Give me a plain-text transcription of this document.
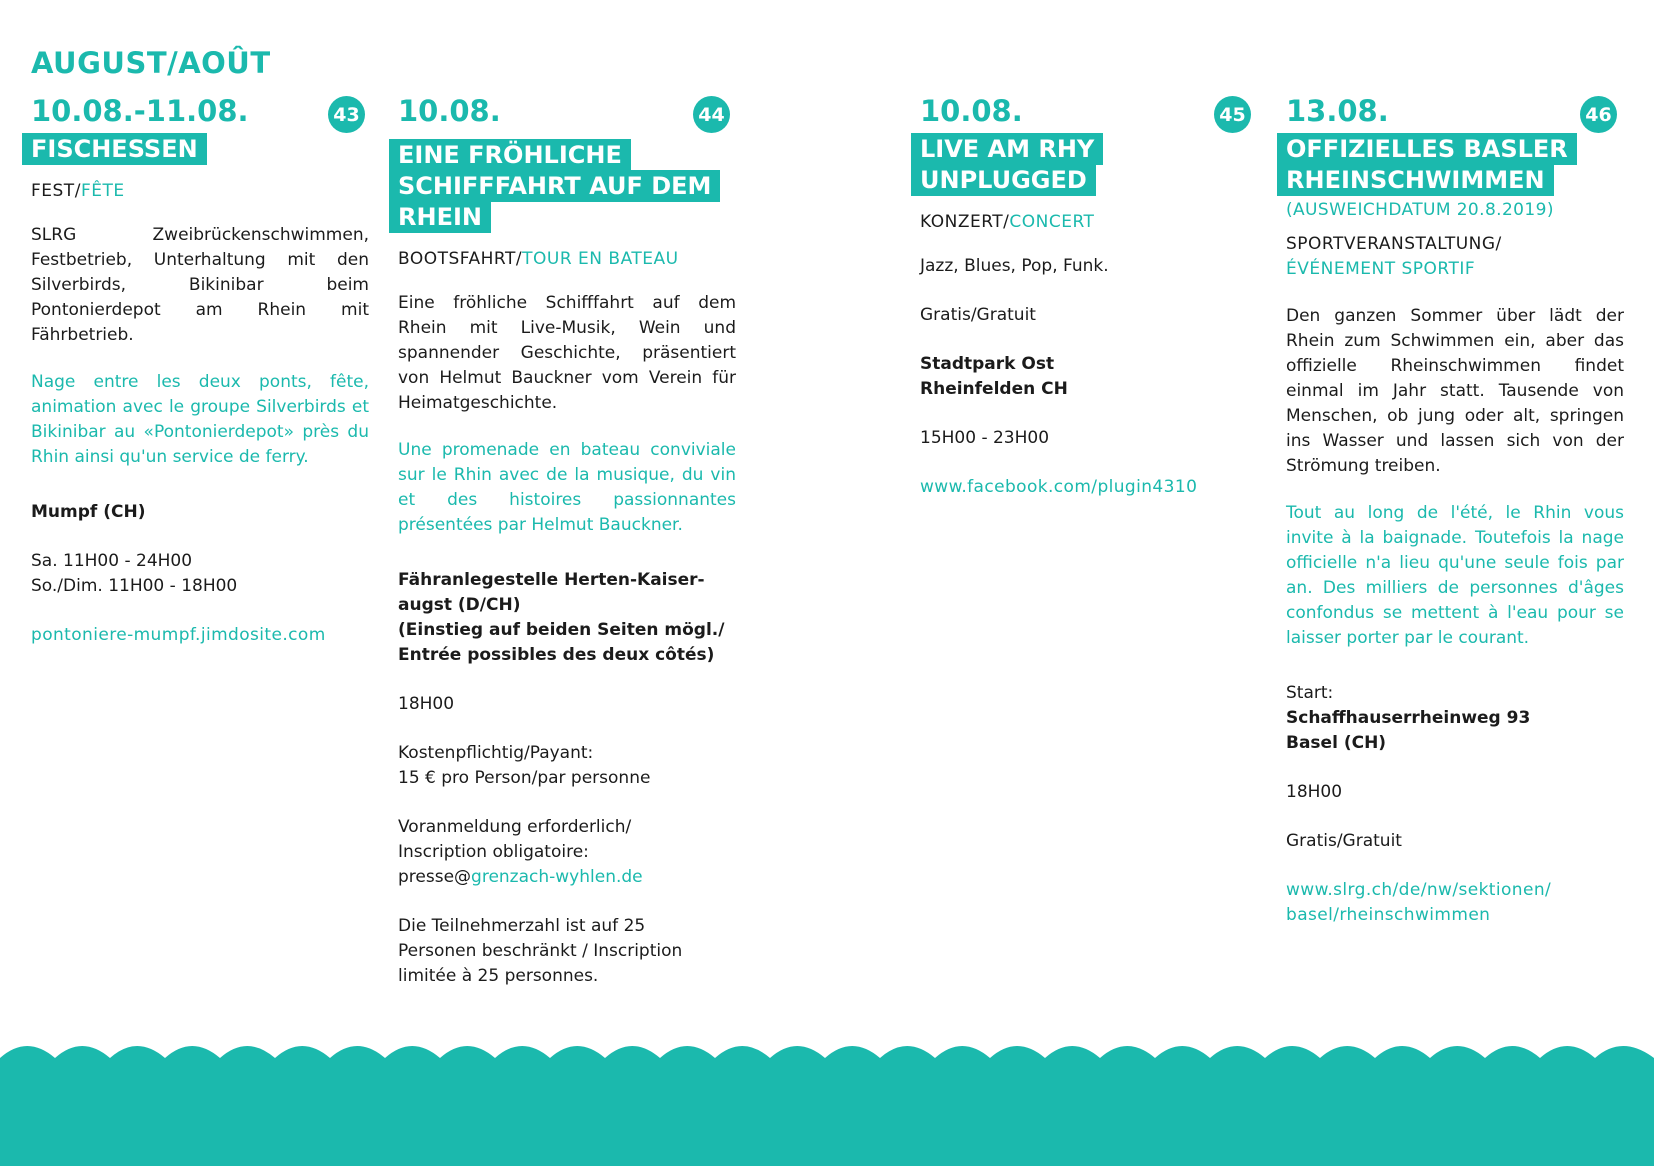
AUGUST/AOÛT

10.08.-11.08.	43
FISCHESSEN

FEST/FÊTE

SLRG Zweibrückenschwimmen, Festbetrieb, Unterhaltung mit den Silverbirds, Bikinibar beim Pontonierdepot am Rhein mit Fährbetrieb.

Nage entre les deux ponts, fête, animation avec le groupe Silverbirds et Bikinibar au «Pontonierdepot» près du Rhin ainsi qu'un service de ferry.

Mumpf (CH)

Sa. 11H00 - 24H00

So./Dim. 11H00 - 18H00

pontoniere-mumpf.jimdosite.com

10.08.	44
EINE FRÖHLICHE
SCHIFFFAHRT AUF DEM
RHEIN

BOOTSFAHRT/TOUR EN BATEAU

Eine fröhliche Schifffahrt auf dem Rhein mit Live-Musik, Wein und spannender Geschichte, präsentiert von Helmut Bauckner vom Verein für Heimatgeschichte.

Une promenade en bateau conviviale sur le Rhin avec de la musique, du vin et des histoires passionnantes présentées par Helmut Bauckner.

Fähranlegestelle Herten-Kaiser-

augst (D/CH)

(Einstieg auf beiden Seiten mögl./

Entrée possibles des deux côtés)

18H00

Kostenpflichtig/Payant:

15 € pro Person/par personne

Voranmeldung erforderlich/

Inscription obligatoire:

presse@grenzach-wyhlen.de

Die Teilnehmerzahl ist auf 25

Personen beschränkt / Inscription

limitée à 25 personnes.

10.08.	45
LIVE AM RHY UNPLUGGED

KONZERT/CONCERT

Jazz, Blues, Pop, Funk.

Gratis/Gratuit

Stadtpark Ost

Rheinfelden CH

15H00 - 23H00

www.facebook.com/plugin4310

13.08.	46
OFFIZIELLES BASLER
RHEINSCHWIMMEN

(AUSWEICHDATUM 20.8.2019)

SPORTVERANSTALTUNG/

ÉVÉNEMENT SPORTIF

Den ganzen Sommer über lädt der Rhein zum Schwimmen ein, aber das offizielle Rheinschwimmen findet einmal im Jahr statt. Tausende von Menschen, ob jung oder alt, springen ins Wasser und lassen sich von der Strömung treiben.

Tout au long de l'été, le Rhin vous invite à la baignade. Toutefois la nage officielle n'a lieu qu'une seule fois par an. Des milliers de personnes d'âges confondus se mettent à l'eau pour se laisser porter par le courant.

Start:

Schaffhauserrheinweg 93

Basel (CH)

18H00

Gratis/Gratuit

www.slrg.ch/de/nw/sektionen/

basel/rheinschwimmen
